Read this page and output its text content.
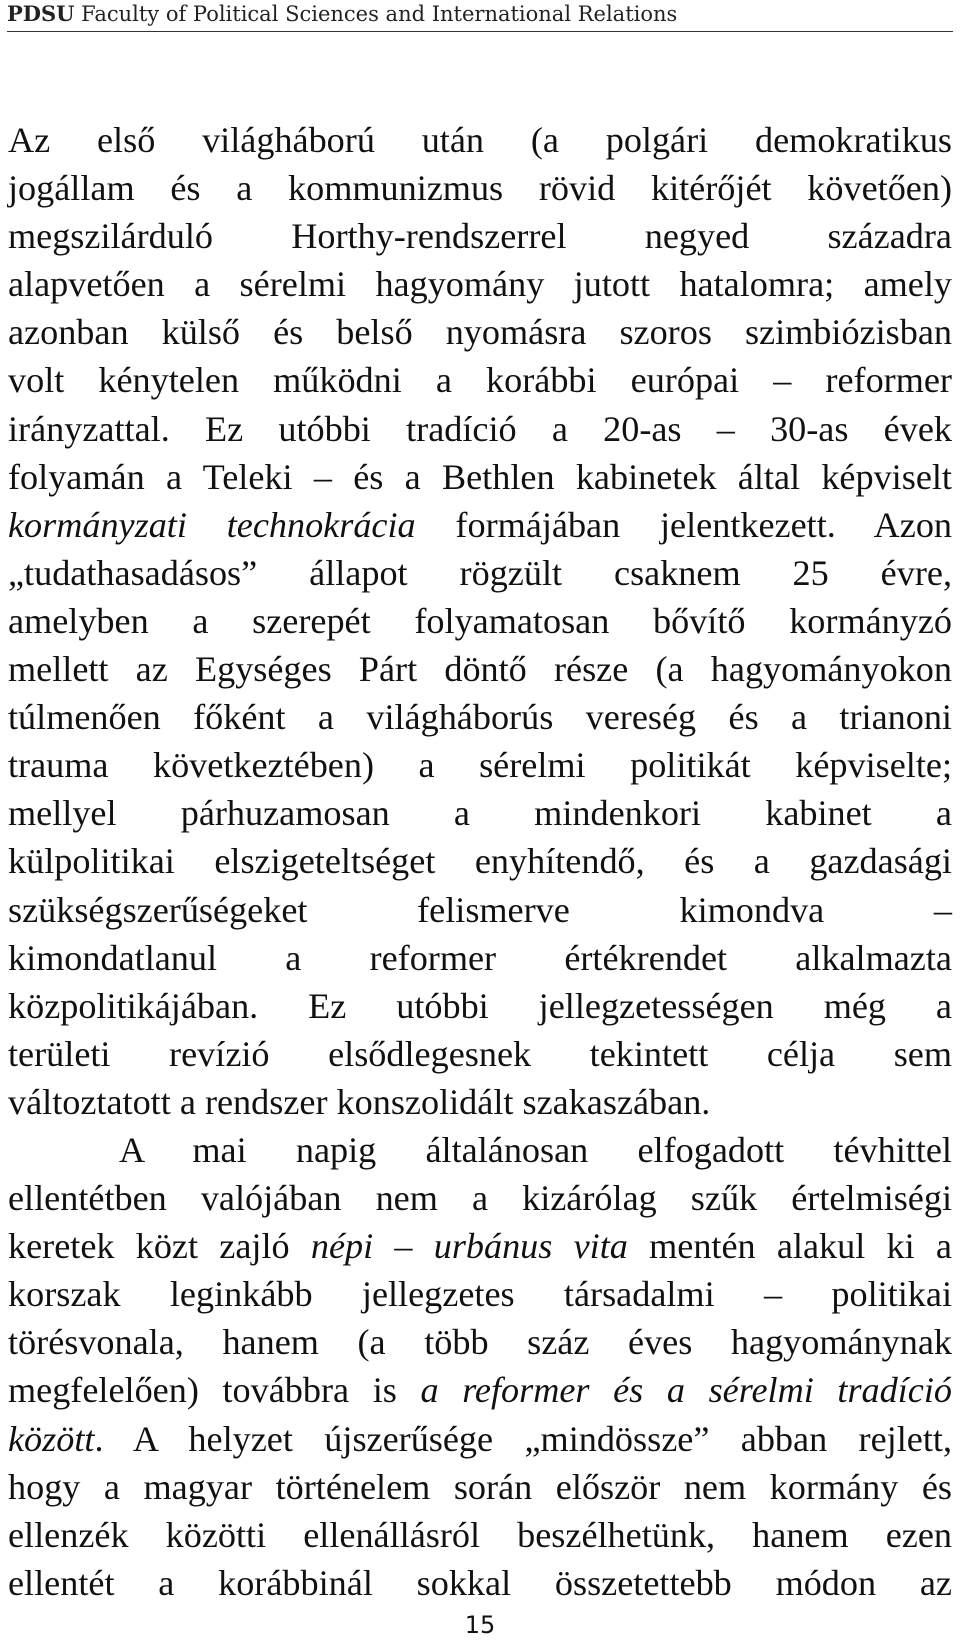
PDSU Faculty of Political Sciences and International Relations
Az első világháború után (a polgári demokratikus
jogállam és a kommunizmus rövid kitérőjét követően)
megszilárduló Horthy-rendszerrel negyed századra
alapvetően a sérelmi hagyomány jutott hatalomra; amely
azonban külső és belső nyomásra szoros szimbiózisban
volt kénytelen működni a korábbi európai – reformer
irányzattal. Ez utóbbi tradíció a 20-as – 30-as évek
folyamán a Teleki – és a Bethlen kabinetek által képviselt
kormányzati technokrácia formájában jelentkezett. Azon
„tudathasadásos” állapot rögzült csaknem 25 évre,
amelyben a szerepét folyamatosan bővítő kormányzó
mellett az Egységes Párt döntő része (a hagyományokon
túlmenően főként a világháborús vereség és a trianoni
trauma következtében) a sérelmi politikát képviselte;
mellyel párhuzamosan a mindenkori kabinet a
külpolitikai elszigeteltséget enyhítendő, és a gazdasági
szükségszerűségeket felismerve kimondva –
kimondatlanul a reformer értékrendet alkalmazta
közpolitikájában. Ez utóbbi jellegzetességen még a
területi revízió elsődlegesnek tekintett célja sem
változtatott a rendszer konszolidált szakaszában.
A mai napig általánosan elfogadott tévhittel
ellentétben valójában nem a kizárólag szűk értelmiségi
keretek közt zajló népi – urbánus vita mentén alakul ki a
korszak leginkább jellegzetes társadalmi – politikai
törésvonala, hanem (a több száz éves hagyománynak
megfelelően) továbbra is a reformer és a sérelmi tradíció
között. A helyzet újszerűsége „mindössze” abban rejlett,
hogy a magyar történelem során először nem kormány és
ellenzék közötti ellenállásról beszélhetünk, hanem ezen
ellentét a korábbinál sokkal összetettebb módon az
15
